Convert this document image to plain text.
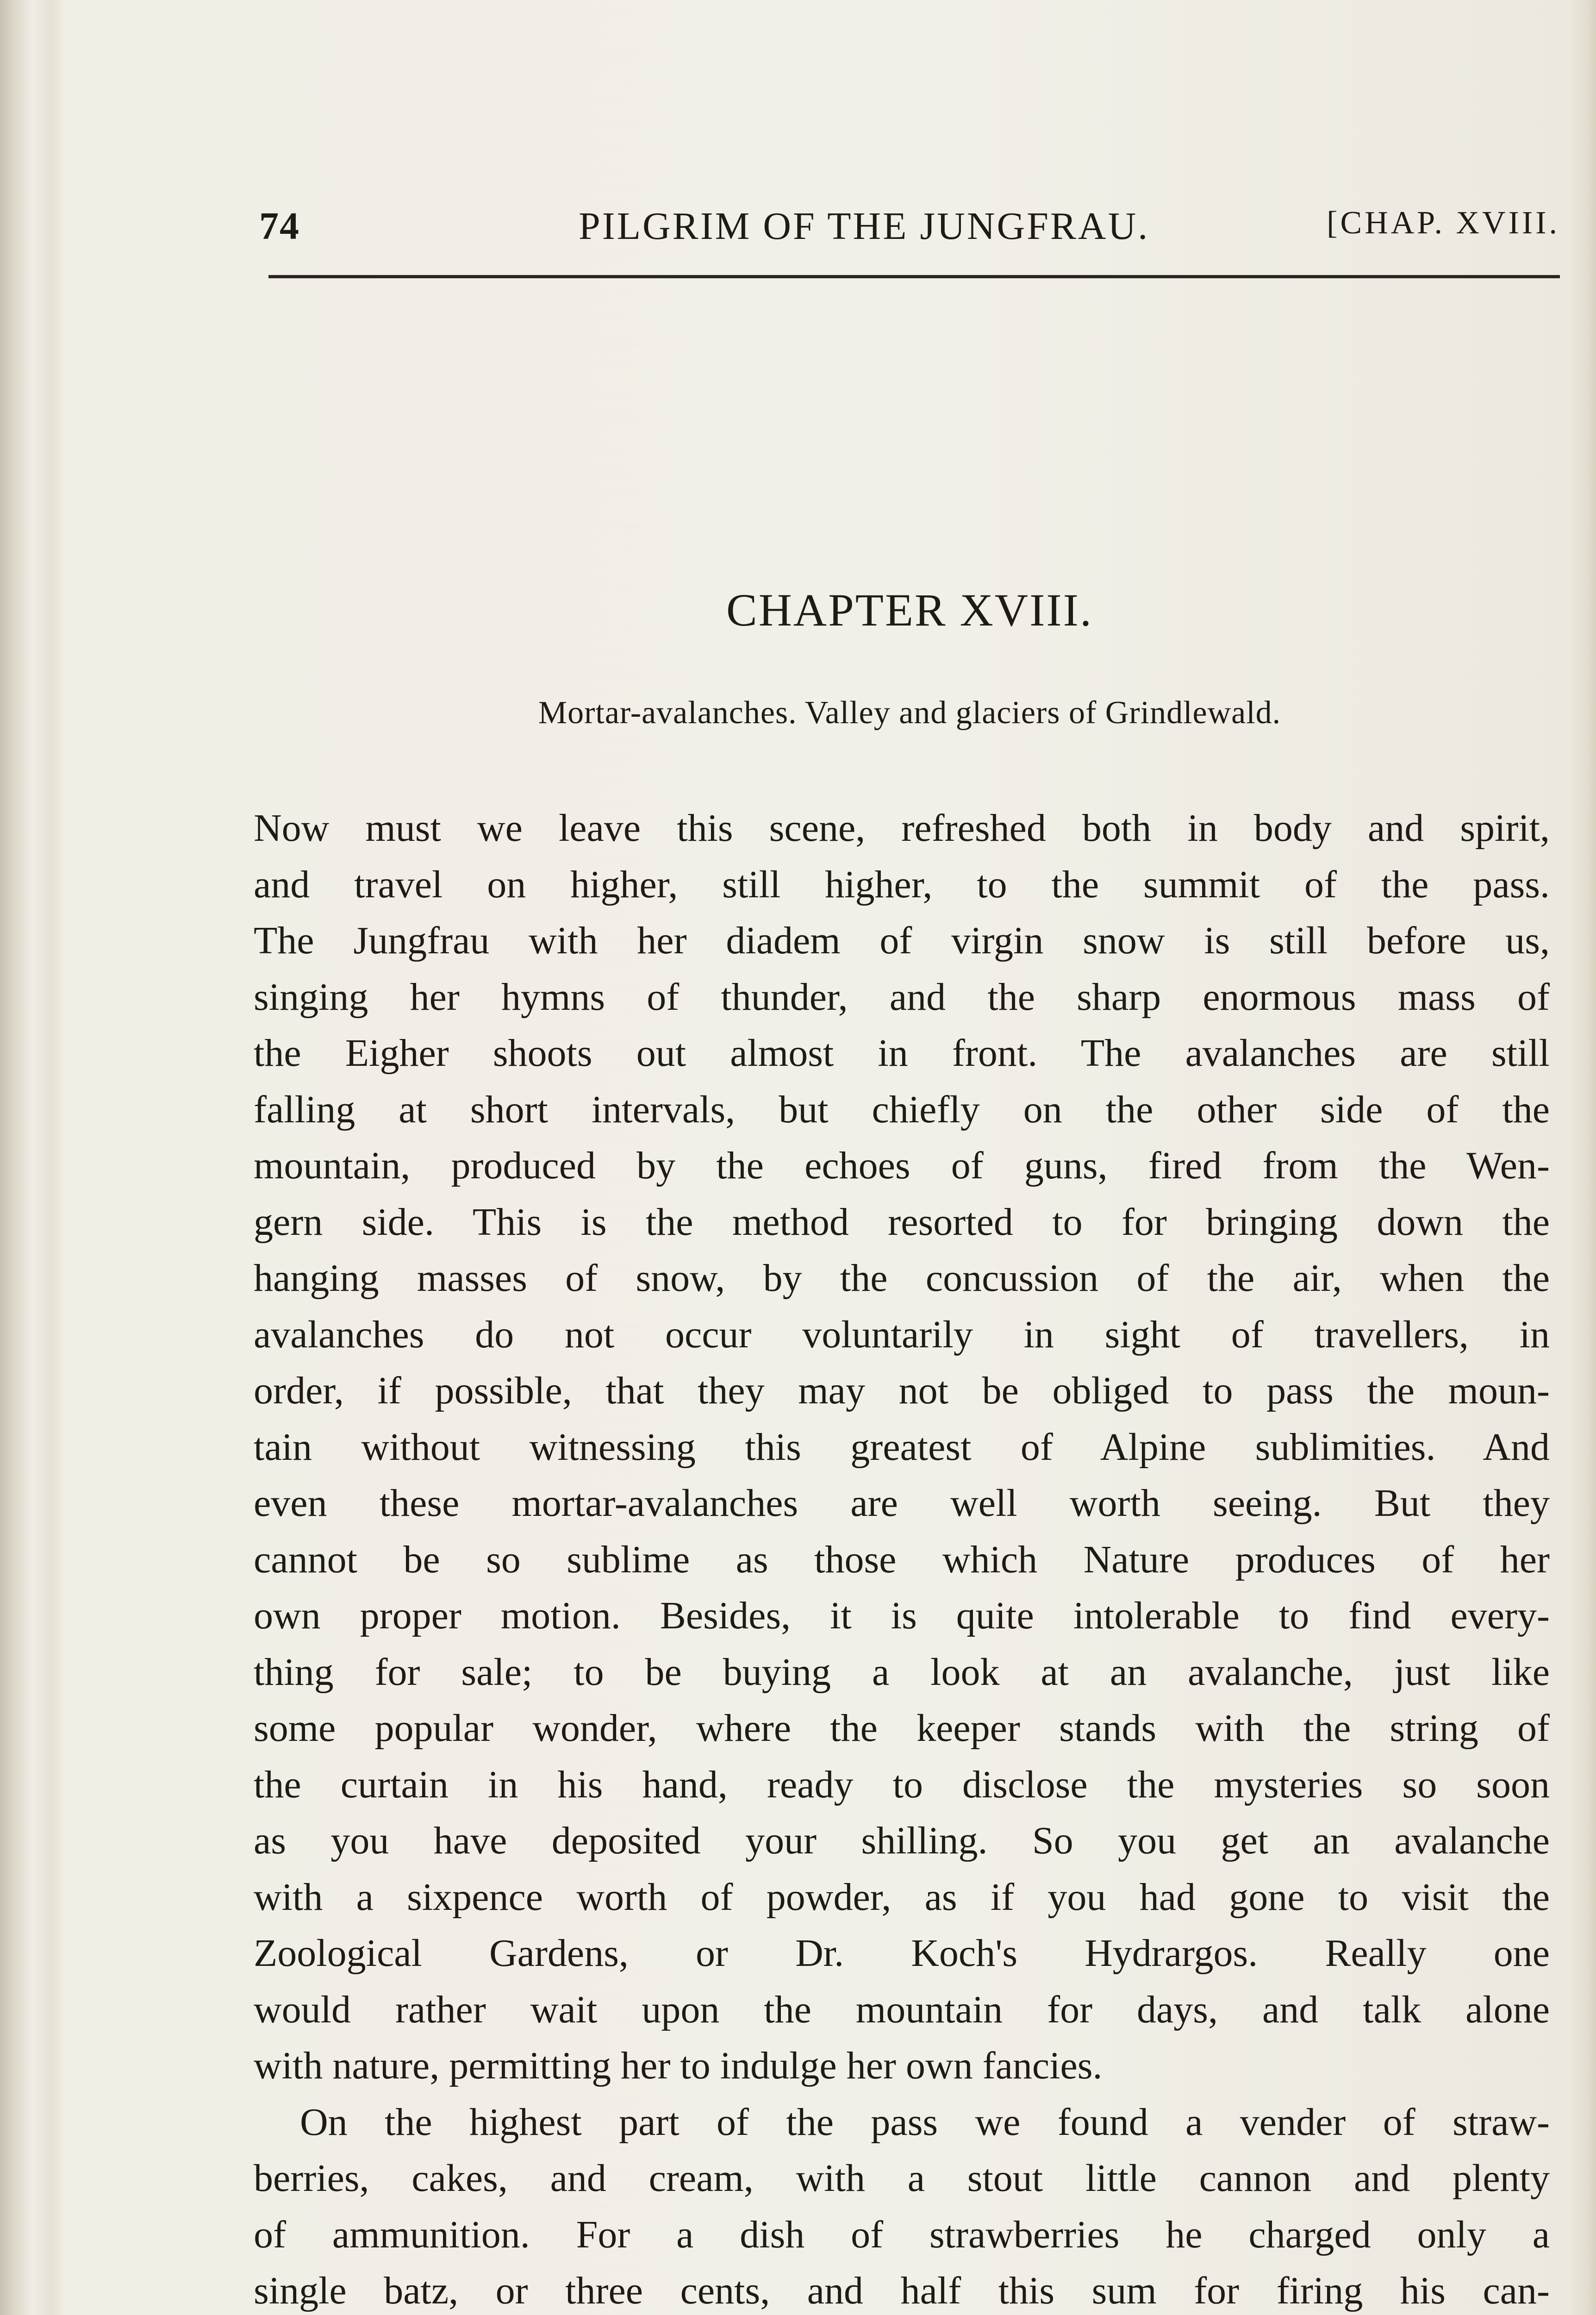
74	PILGRIM OF THE JUNGFRAU.	[CHAP. XVIII.
CHAPTER XVIII.
Mortar-avalanches. Valley and glaciers of Grindlewald.

Now must we leave this scene, refreshed both in body and spirit,

and travel on higher, still higher, to the summit of the pass.

The Jungfrau with her diadem of virgin snow is still before us,

singing her hymns of thunder, and the sharp enormous mass of

the Eigher shoots out almost in front. The avalanches are still

falling at short intervals, but chiefly on the other side of the

mountain, produced by the echoes of guns, fired from the Wen-

gern side. This is the method resorted to for bringing down the

hanging masses of snow, by the concussion of the air, when the

avalanches do not occur voluntarily in sight of travellers, in

order, if possible, that they may not be obliged to pass the moun-

tain without witnessing this greatest of Alpine sublimities. And

even these mortar-avalanches are well worth seeing. But they

cannot be so sublime as those which Nature produces of her

own proper motion. Besides, it is quite intolerable to find every-

thing for sale; to be buying a look at an avalanche, just like

some popular wonder, where the keeper stands with the string of

the curtain in his hand, ready to disclose the mysteries so soon

as you have deposited your shilling. So you get an avalanche

with a sixpence worth of powder, as if you had gone to visit the

Zoological Gardens, or Dr. Koch's Hydrargos. Really one

would rather wait upon the mountain for days, and talk alone

with nature, permitting her to indulge her own fancies.

On the highest part of the pass we found a vender of straw-

berries, cakes, and cream, with a stout little cannon and plenty

of ammunition. For a dish of strawberries he charged only a

single batz, or three cents, and half this sum for firing his can-
